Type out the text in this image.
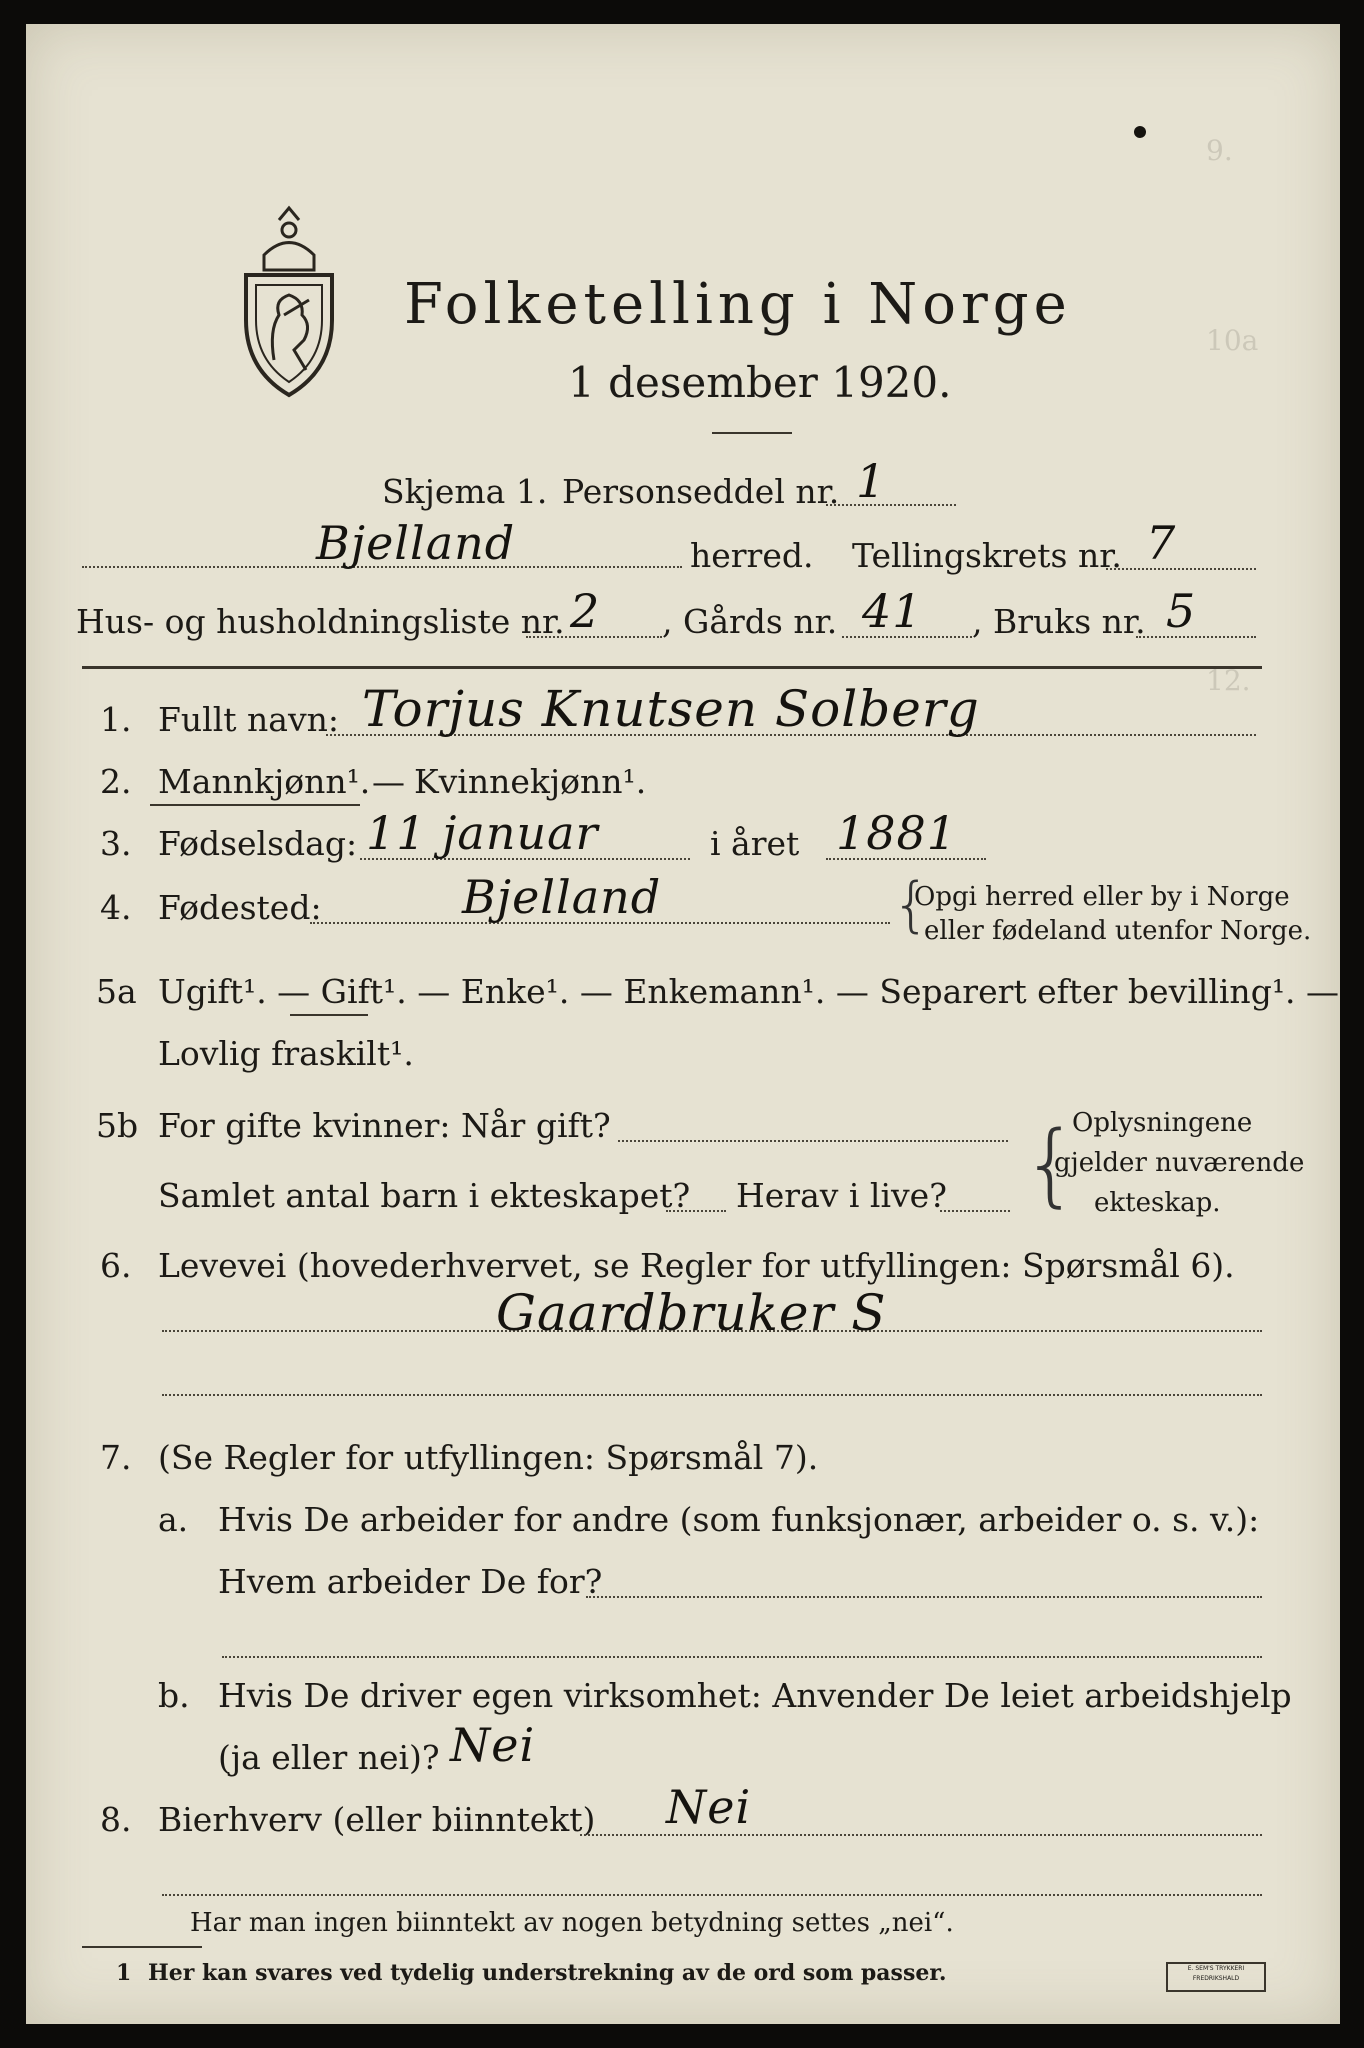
9.
10a
12.
Folketelling i Norge
1 desember 1920.
Skjema 1. Personseddel nr. 1
Bjelland	herred. Tellingskrets nr. 7
Hus- og husholdningsliste nr. 2 , Gårds nr. 41 , Bruks nr. 5
1. Fullt navn: Torjus Knutsen Solberg
2. Mannkjønn¹. — Kvinnekjønn¹.
3. Fødselsdag: 11 januar	i året 1881
4. Fødested:	Bjelland	{
Opgi herred eller by i Norge
eller fødeland utenfor Norge.
5a Ugift¹. — Gift¹. — Enke¹. — Enkemann¹. — Separert efter bevilling¹. —
Lovlig fraskilt¹.
5b For gifte kvinner: Når gift?
Samlet antal barn i ekteskapet? Herav i live? {
Oplysningene
gjelder nuværende
ekteskap.
6. Levevei (hovederhvervet, se Regler for utfyllingen: Spørsmål 6).
Gaardbruker S
7. (Se Regler for utfyllingen: Spørsmål 7).
a. Hvis De arbeider for andre (som funksjonær, arbeider o. s. v.):
Hvem arbeider De for?
b. Hvis De driver egen virksomhet: Anvender De leiet arbeidshjelp
(ja eller nei)? Nei
8. Bierhverv (eller biinntekt) Nei
Har man ingen biinntekt av nogen betydning settes „nei“.
1 Her kan svares ved tydelig understrekning av de ord som passer.	E. SEM'S TRYKKERI FREDRIKSHALD
